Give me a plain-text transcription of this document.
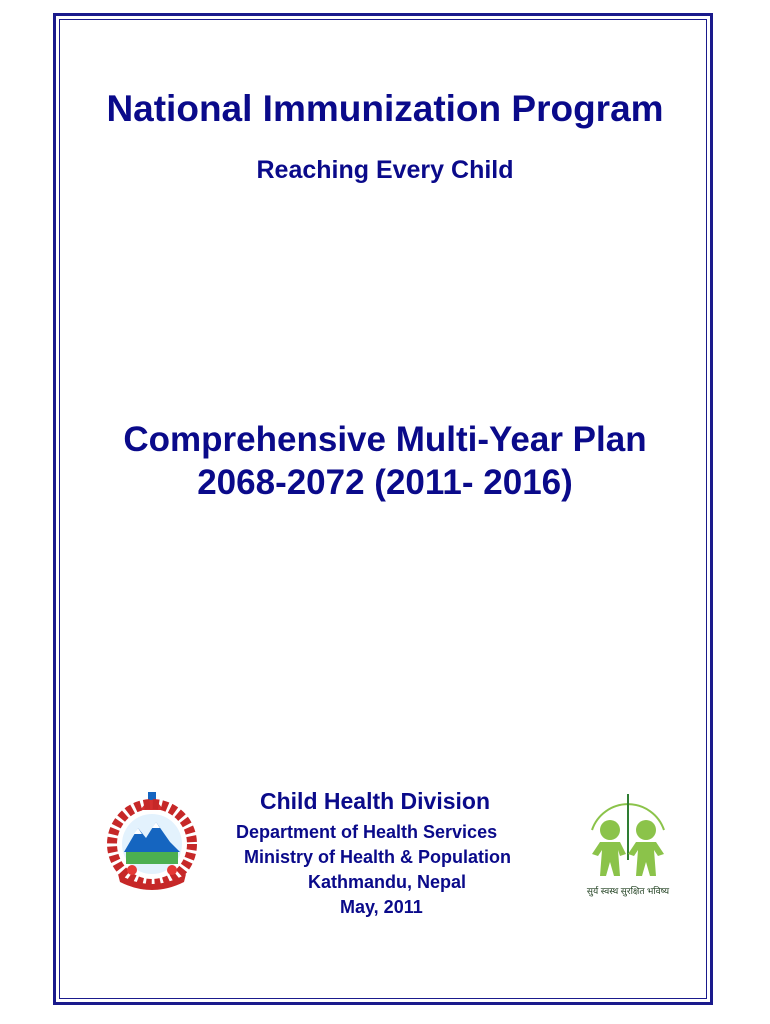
National Immunization Program
Reaching Every Child
Comprehensive Multi-Year Plan
2068-2072 (2011- 2016)
Child Health Division
Department of Health Services
Ministry of Health & Population
Kathmandu, Nepal
May, 2011
सुर्य स्वस्थ सुरक्षित भविष्य
